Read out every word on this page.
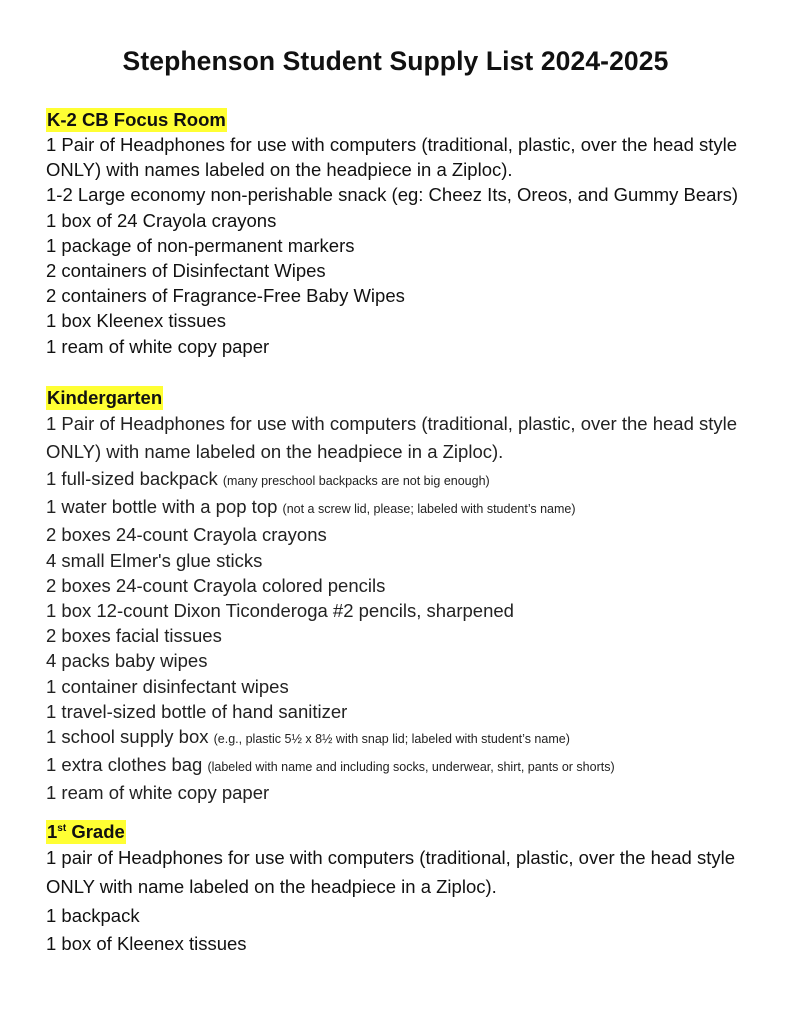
Stephenson Student Supply List 2024-2025
K-2 CB Focus Room
1 Pair of Headphones for use with computers (traditional, plastic, over the head style ONLY) with names labeled on the headpiece in a Ziploc).
1-2 Large economy non-perishable snack (eg: Cheez Its, Oreos, and Gummy Bears)
1 box of 24 Crayola crayons
1 package of non-permanent markers
2 containers of Disinfectant Wipes
2 containers of Fragrance-Free Baby Wipes
1 box Kleenex tissues
1 ream of white copy paper
Kindergarten
1 Pair of Headphones for use with computers (traditional, plastic, over the head style ONLY) with name labeled on the headpiece in a Ziploc).
1 full-sized backpack (many preschool backpacks are not big enough)
1 water bottle with a pop top (not a screw lid, please; labeled with student’s name)
2 boxes 24-count Crayola crayons
4 small Elmer's glue sticks
2 boxes 24-count Crayola colored pencils
1 box 12-count Dixon Ticonderoga #2 pencils, sharpened
2 boxes facial tissues
4 packs baby wipes
1 container disinfectant wipes
1 travel-sized bottle of hand sanitizer
1 school supply box (e.g., plastic 5½ x 8½ with snap lid; labeled with student’s name)
1 extra clothes bag (labeled with name and including socks, underwear, shirt, pants or shorts)
1 ream of white copy paper
1st Grade
1 pair of Headphones for use with computers (traditional, plastic, over the head style ONLY with name labeled on the headpiece in a Ziploc).
1 backpack
1 box of Kleenex tissues
